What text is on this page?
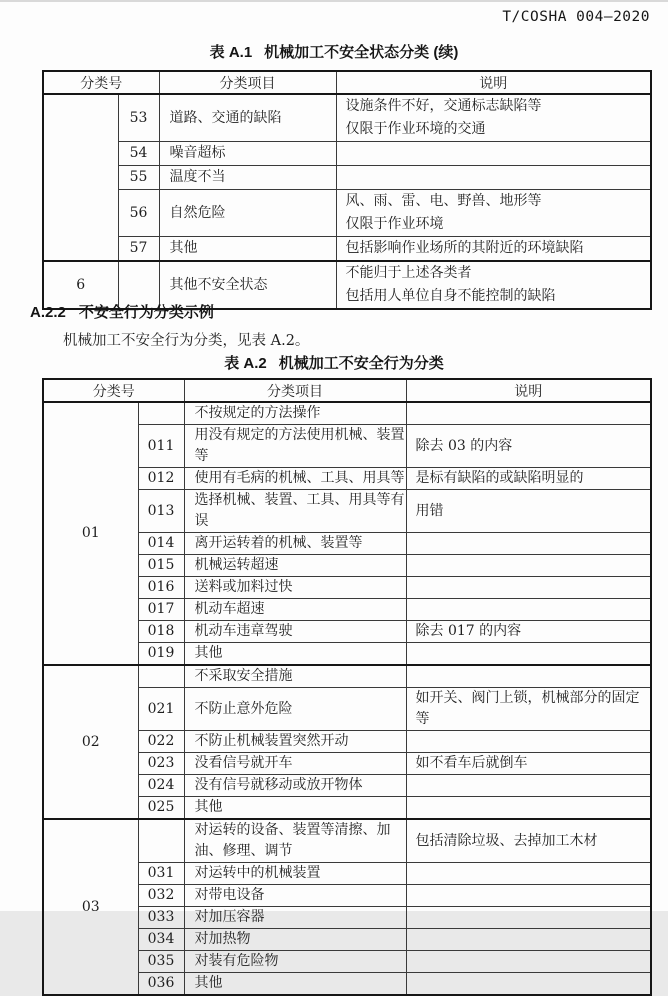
T/COSHA 004—2020
表 A.1 机械加工不安全状态分类 (续)
分类号		分类项目	说明
	53	道路、交通的缺陷	设施条件不好，交通标志缺陷等
仅限于作业环境的交通

	54	噪音超标	
	55	温度不当	
	56	自然危险	风、雨、雷、电、野兽、地形等
仅限于作业环境

	57	其他	包括影响作业场所的其附近的环境缺陷

6		其他不安全状态	不能归于上述各类者
包括用人单位自身不能控制的缺陷
A.2.2 不安全行为分类示例

机械加工不安全行为分类，见表 A.2。

表 A.2 机械加工不安全行为分类
分类号		分类项目	说明
01		不按规定的方法操作	
	011	用没有规定的方法使用机械、装置等	除去 03 的内容

	012	使用有毛病的机械、工具、用具等	是标有缺陷的或缺陷明显的

	013	选择机械、装置、工具、用具等有误	用错

	014	离开运转着的机械、装置等	
	015	机械运转超速	
	016	送料或加料过快	
	017	机动车超速	
	018	机动车违章驾驶	除去 017 的内容

	019	其他	
02		不采取安全措施	
	021	不防止意外危险	如开关、阀门上锁，机械部分的固定等

	022	不防止机械装置突然开动	
	023	没看信号就开车	如不看车后就倒车

	024	没有信号就移动或放开物体	
	025	其他	
03		对运转的设备、装置等清擦、加油、修理、调节	包括清除垃圾、去掉加工木材

	031	对运转中的机械装置	
	032	对带电设备	
	033	对加压容器	
	034	对加热物	
	035	对装有危险物	
	036	其他	
